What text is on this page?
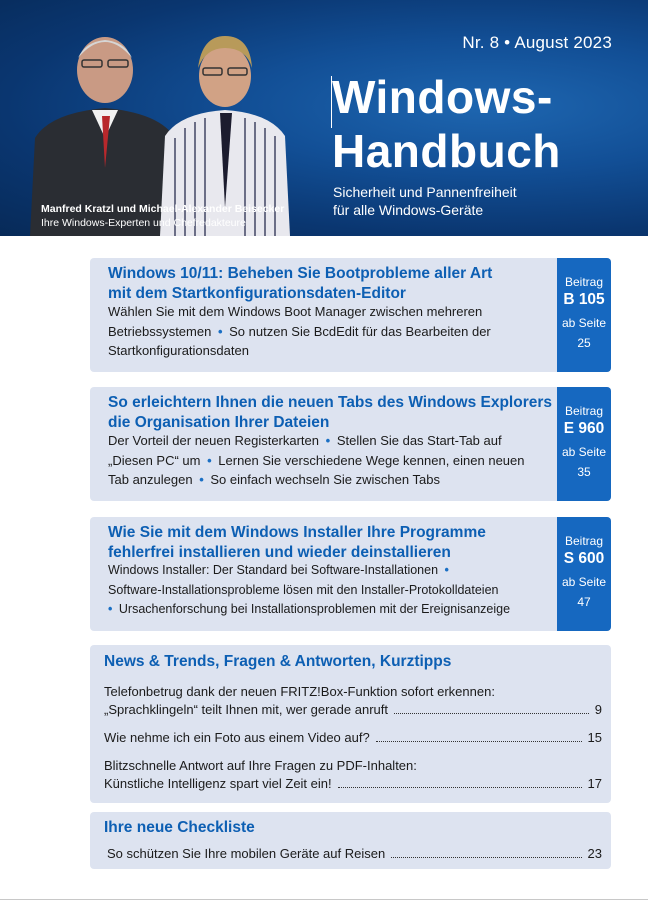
Nr. 8 • August 2023
Windows-
Handbuch
Sicherheit und Pannenfreiheit
für alle Windows-Geräte
Manfred Kratzl und Michael-Alexander Beisecker
Ihre Windows-Experten und Chefredakteure
Windows 10/11: Beheben Sie Bootprobleme aller Art
mit dem Startkonfigurationsdaten-Editor
Wählen Sie mit dem Windows Boot Manager zwischen mehreren
Betriebssystemen • So nutzen Sie BcdEdit für das Bearbeiten der
Startkonfigurationsdaten
Beitrag
B 105
ab Seite
25
So erleichtern Ihnen die neuen Tabs des Windows Explorers
die Organisation Ihrer Dateien
Der Vorteil der neuen Registerkarten • Stellen Sie das Start-Tab auf
„Diesen PC“ um • Lernen Sie verschiedene Wege kennen, einen neuen
Tab anzulegen • So einfach wechseln Sie zwischen Tabs
Beitrag
E 960
ab Seite
35
Wie Sie mit dem Windows Installer Ihre Programme
fehlerfrei installieren und wieder deinstallieren
Windows Installer: Der Standard bei Software-Installationen •
Software-Installationsprobleme lösen mit den Installer-Protokolldateien
• Ursachenforschung bei Installationsproblemen mit der Ereignisanzeige
Beitrag
S 600
ab Seite
47
News & Trends, Fragen & Antworten, Kurztipps
Telefonbetrug dank der neuen FRITZ!Box-Funktion sofort erkennen:
„Sprachklingeln“ teilt Ihnen mit, wer gerade anruft	9
Wie nehme ich ein Foto aus einem Video auf?	15
Blitzschnelle Antwort auf Ihre Fragen zu PDF-Inhalten:
Künstliche Intelligenz spart viel Zeit ein!	17
Ihre neue Checkliste
So schützen Sie Ihre mobilen Geräte auf Reisen	23
